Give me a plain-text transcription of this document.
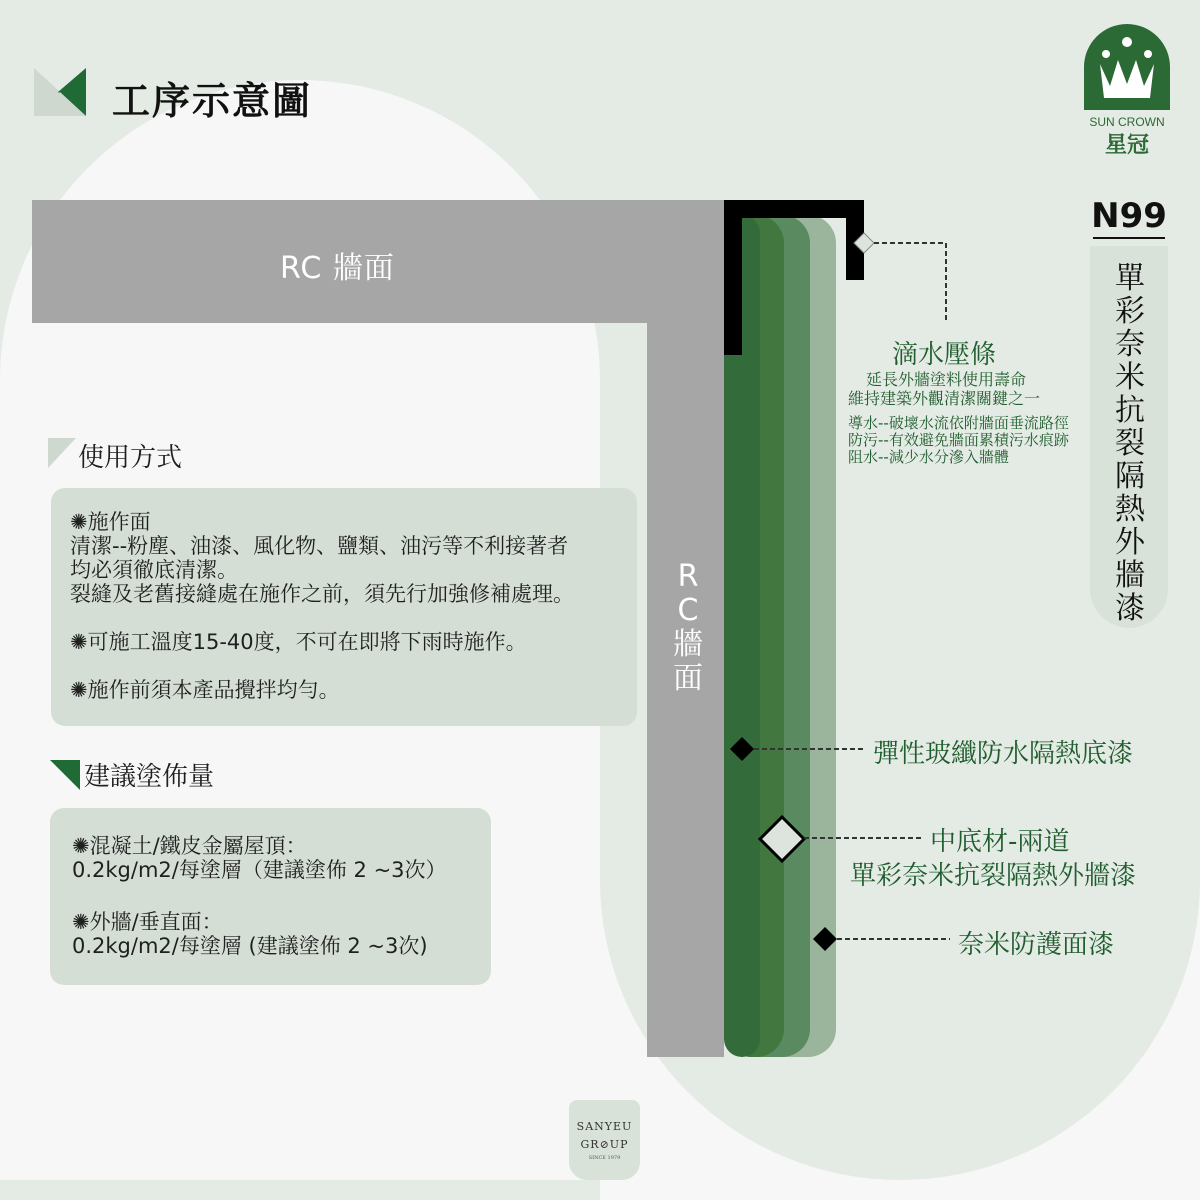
工序示意圖	SUN CROWN
星冠
N99
單彩奈米抗裂隔熱外牆漆
RC 牆面
RC牆面
滴水壓條
延長外牆塗料使用壽命
維持建築外觀清潔關鍵之一
導水--破壞水流依附牆面垂流路徑
防污--有效避免牆面累積污水痕跡
阻水--減少水分滲入牆體
彈性玻纖防水隔熱底漆
中底材-兩道
單彩奈米抗裂隔熱外牆漆
奈米防護面漆
使用方式

✺施作面
清潔--粉塵、油漆、風化物、鹽類、油污等不利接著者
均必須徹底清潔。
裂縫及老舊接縫處在施作之前，須先行加強修補處理。

✺可施工溫度15-40度，不可在即將下雨時施作。

✺施作前須本產品攪拌均勻。

建議塗佈量

✺混凝土/鐵皮金屬屋頂：
0.2kg/m2/每塗層（建議塗佈 2 ~3次）

✺外牆/垂直面：
0.2kg/m2/每塗層 (建議塗佈 2 ~3次)

SANYEU
GR⊘UP
SINCE 1979
